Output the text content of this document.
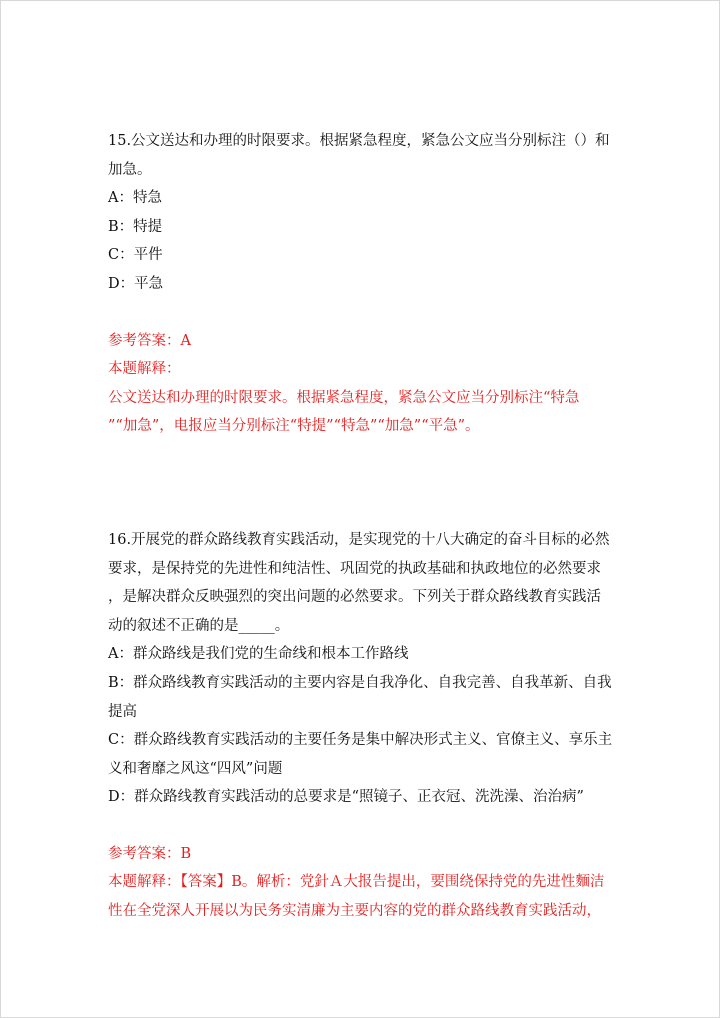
15.公文送达和办理的时限要求。根据紧急程度，紧急公文应当分别标注（）和
加急。
A：特急
B：特提
C：平件
D：平急
参考答案：A
本题解释：
公文送达和办理的时限要求。根据紧急程度，紧急公文应当分别标注“特急
”“加急”，电报应当分别标注“特提”“特急”“加急”“平急”。
16.开展党的群众路线教育实践活动，是实现党的十八大确定的奋斗目标的必然
要求，是保持党的先进性和纯洁性、巩固党的执政基础和执政地位的必然要求
，是解决群众反映强烈的突出问题的必然要求。下列关于群众路线教育实践活
动的叙述不正确的是_____。
A：群众路线是我们党的生命线和根本工作路线
B：群众路线教育实践活动的主要内容是自我净化、自我完善、自我革新、自我
提高
C：群众路线教育实践活动的主要任务是集中解决形式主义、官僚主义、享乐主
义和奢靡之风这“四风”问题
D：群众路线教育实践活动的总要求是“照镜子、正衣冠、洗洗澡、治治病”
参考答案：B
本题解释：【答案】B。解析：党針Ａ大报告提出，要围绕保持党的先进性麵洁
性在全党深人开展以为民务实清廉为主要内容的党的群众路线教育实践活动，
